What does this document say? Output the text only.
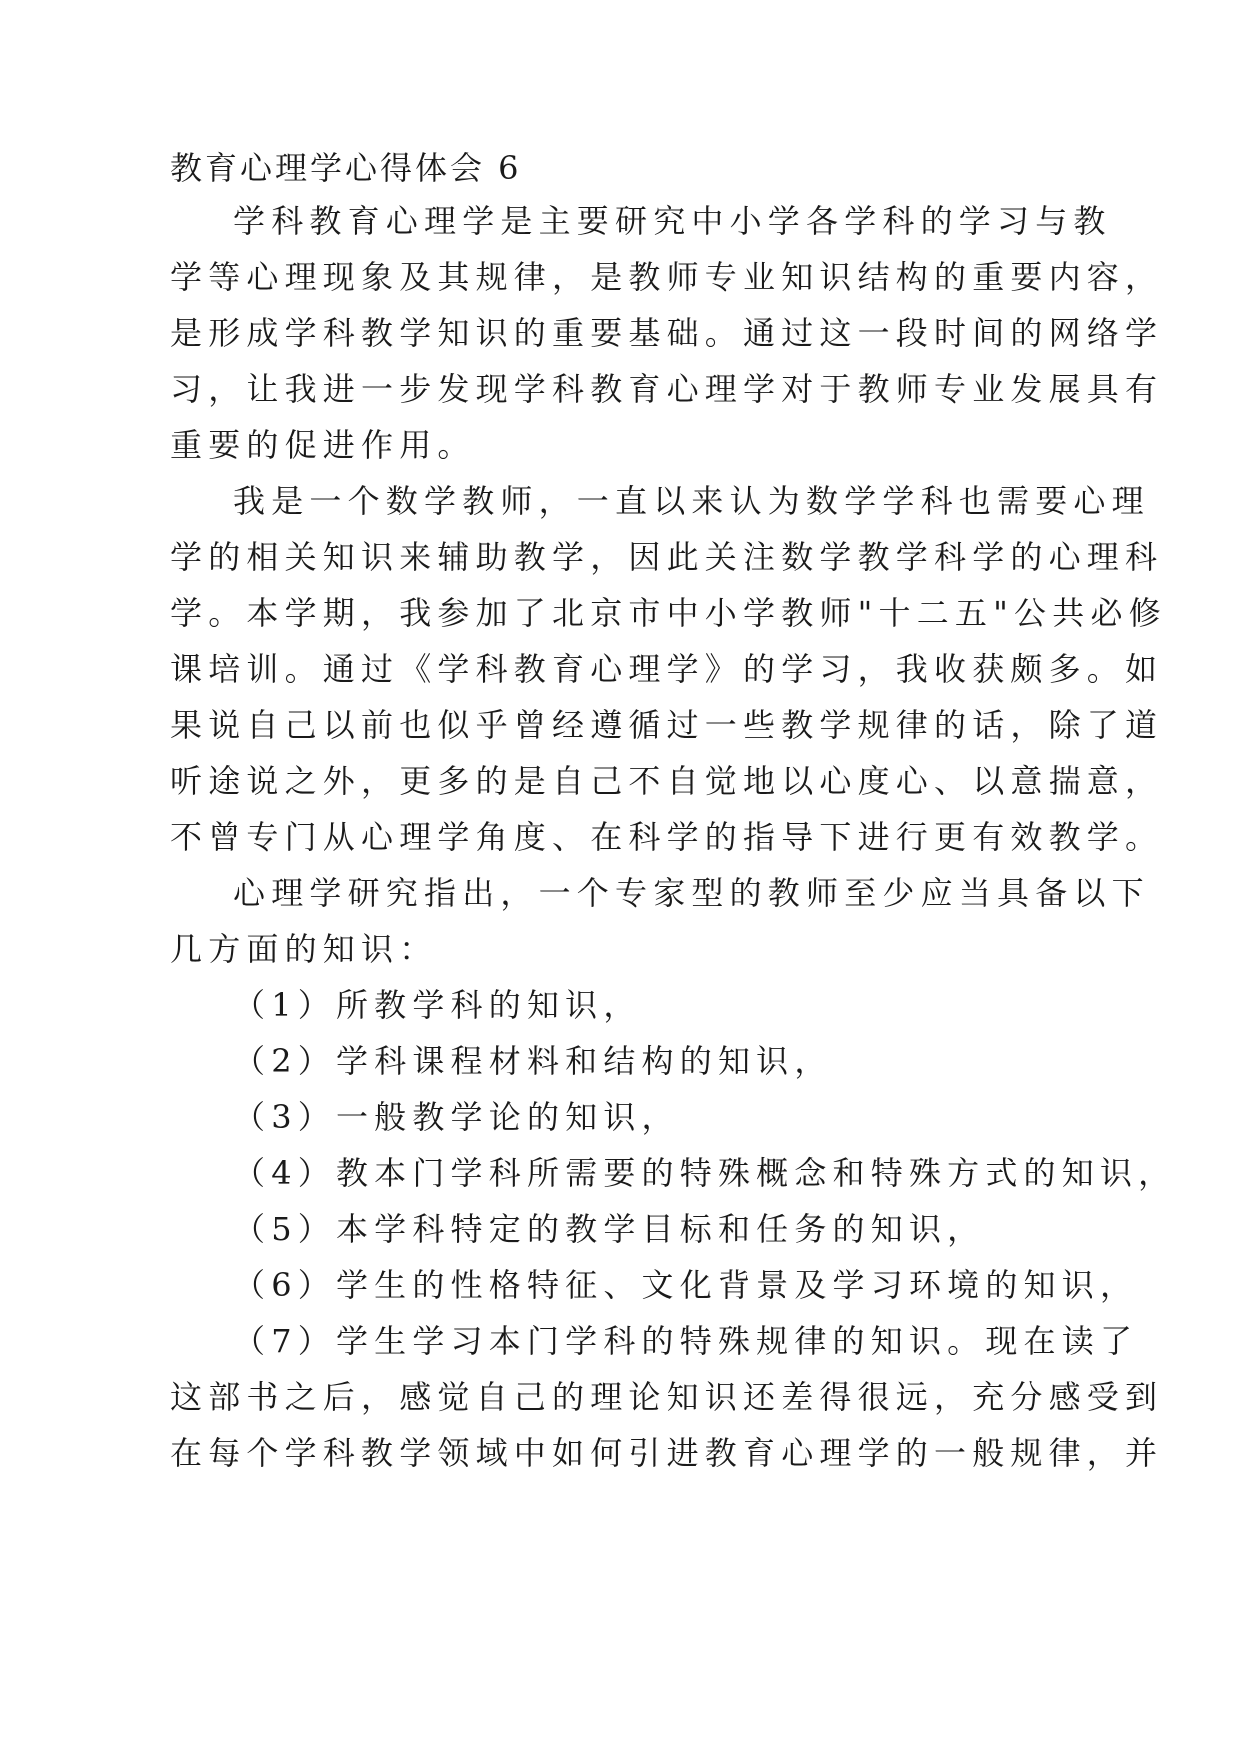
教育心理学心得体会 6
学科教育心理学是主要研究中小学各学科的学习与教
学等心理现象及其规律，是教师专业知识结构的重要内容，
是形成学科教学知识的重要基础。通过这一段时间的网络学
习，让我进一步发现学科教育心理学对于教师专业发展具有
重要的促进作用。
我是一个数学教师，一直以来认为数学学科也需要心理
学的相关知识来辅助教学，因此关注数学教学科学的心理科
学。本学期，我参加了北京市中小学教师"十二五"公共必修
课培训。通过《学科教育心理学》的学习，我收获颇多。如
果说自己以前也似乎曾经遵循过一些教学规律的话，除了道
听途说之外，更多的是自己不自觉地以心度心、以意揣意，
不曾专门从心理学角度、在科学的指导下进行更有效教学。
心理学研究指出，一个专家型的教师至少应当具备以下
几方面的知识：
（1）所教学科的知识，
（2）学科课程材料和结构的知识，
（3）一般教学论的知识，
（4）教本门学科所需要的特殊概念和特殊方式的知识，
（5）本学科特定的教学目标和任务的知识，
（6）学生的性格特征、文化背景及学习环境的知识，
（7）学生学习本门学科的特殊规律的知识。现在读了
这部书之后，感觉自己的理论知识还差得很远，充分感受到
在每个学科教学领域中如何引进教育心理学的一般规律，并
